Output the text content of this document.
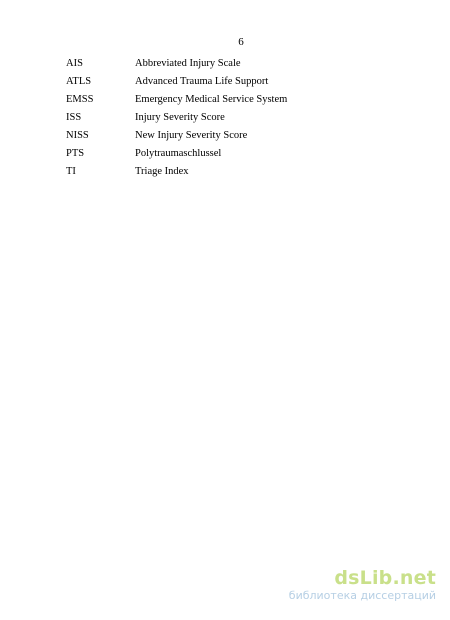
6
AIS	Abbreviated Injury Scale
ATLS	Advanced Trauma Life Support
EMSS	Emergency Medical Service System
ISS	Injury Severity Score
NISS	New Injury Severity Score
PTS	Polytraumaschlussel
TI	Triage Index
dsLib.net
библиотека диссертаций
